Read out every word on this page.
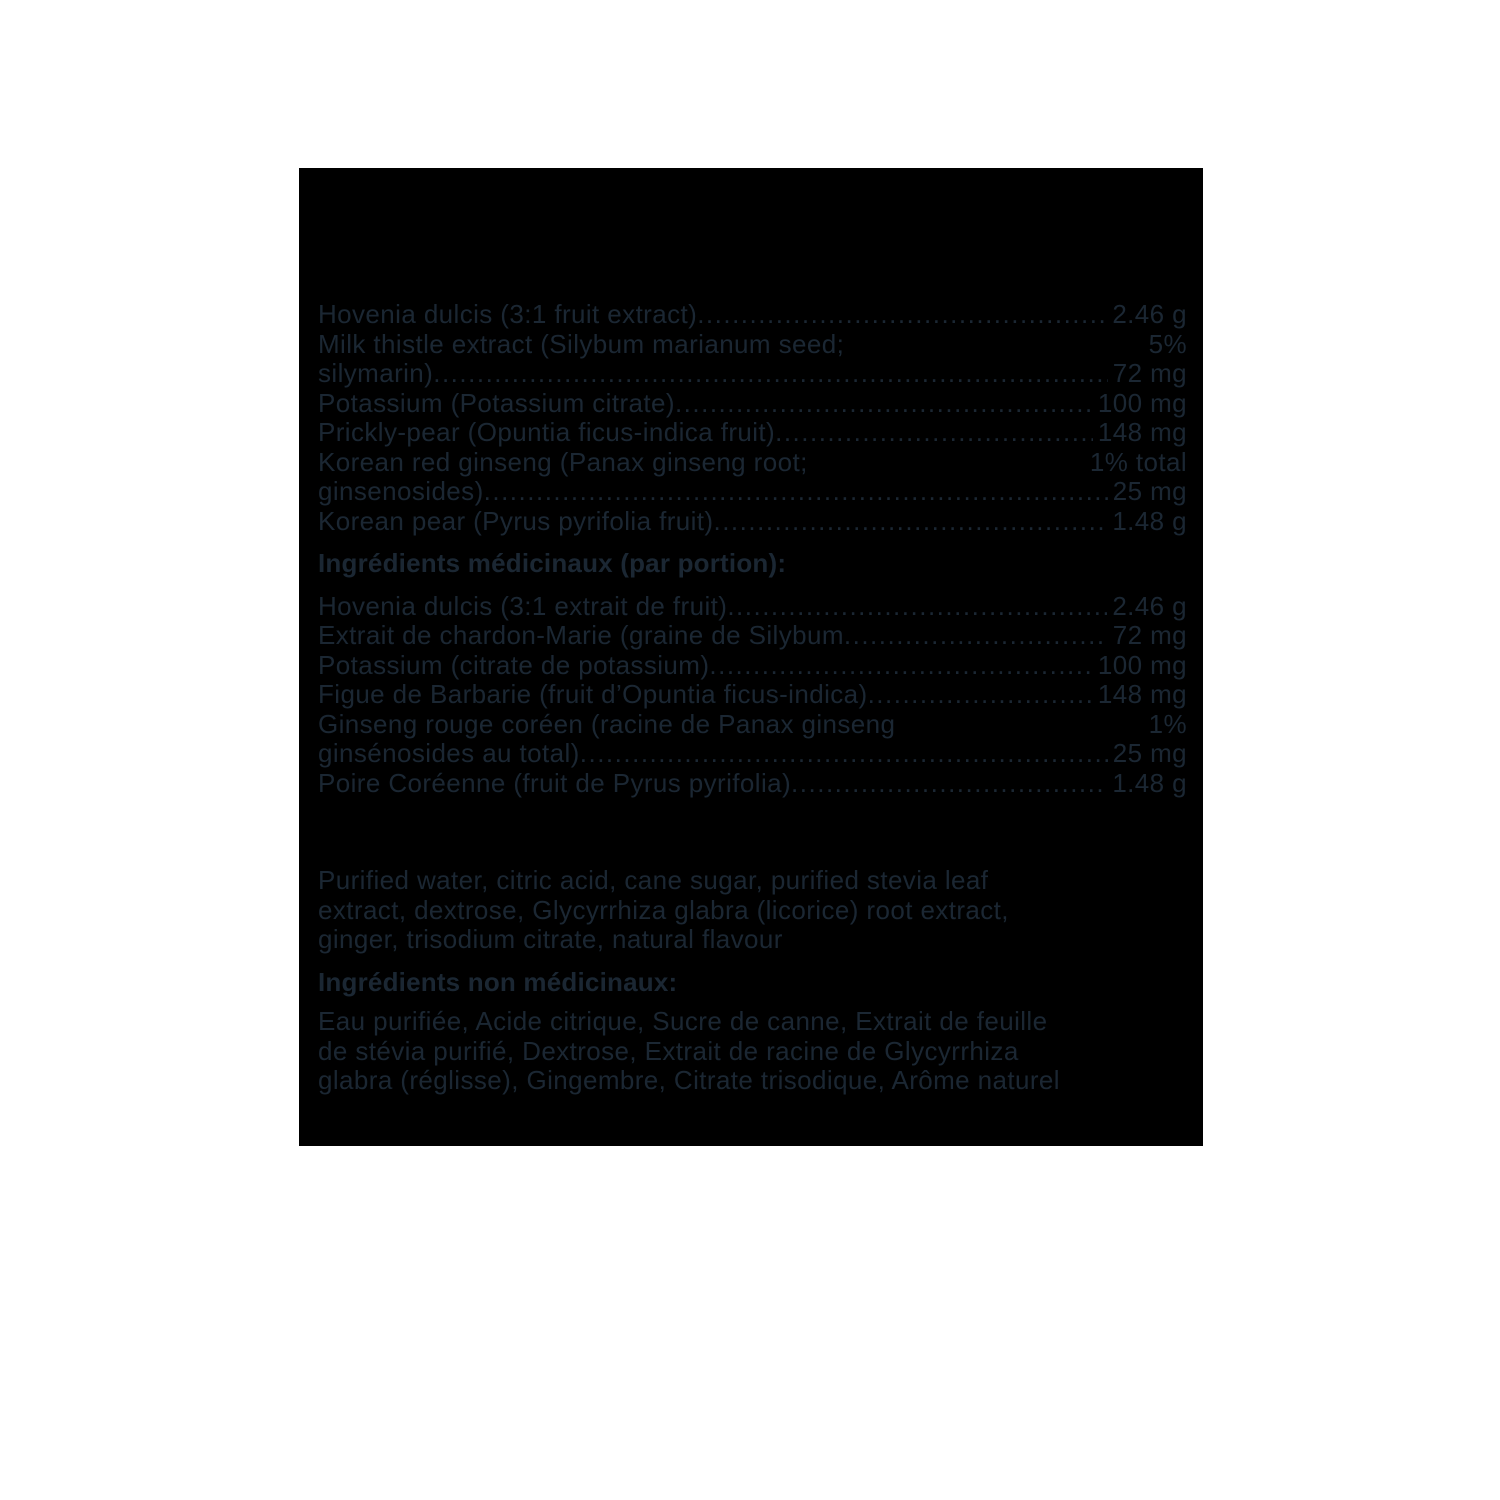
Hovenia dulcis (3:1 fruit extract) .....	2.46 g
Milk thistle extract (Silybum marianum seed;	5%
silymarin) .....	72 mg
Potassium (Potassium citrate) .....	100 mg
Prickly-pear (Opuntia ficus-indica fruit) .....	148 mg
Korean red ginseng (Panax ginseng root;	1% total
ginsenosides) .....	25 mg
Korean pear (Pyrus pyrifolia fruit) .....	1.48 g
Ingrédients médicinaux (par portion):
Hovenia dulcis (3:1 extrait de fruit) .....	2.46 g
Extrait de chardon-Marie (graine de Silybum .....	72 mg
Potassium (citrate de potassium) .....	100 mg
Figue de Barbarie (fruit d’Opuntia ficus-indica) .....	148 mg
Ginseng rouge coréen (racine de Panax ginseng	1%
ginsénosides au total) .....	25 mg
Poire Coréenne (fruit de Pyrus pyrifolia) .....	1.48 g
Purified water, citric acid, cane sugar, purified stevia leaf
extract, dextrose, Glycyrrhiza glabra (licorice) root extract,
ginger, trisodium citrate, natural flavour
Ingrédients non médicinaux:
Eau purifiée, Acide citrique, Sucre de canne, Extrait de feuille
de stévia purifié, Dextrose, Extrait de racine de Glycyrrhiza
glabra (réglisse), Gingembre, Citrate trisodique, Arôme naturel
